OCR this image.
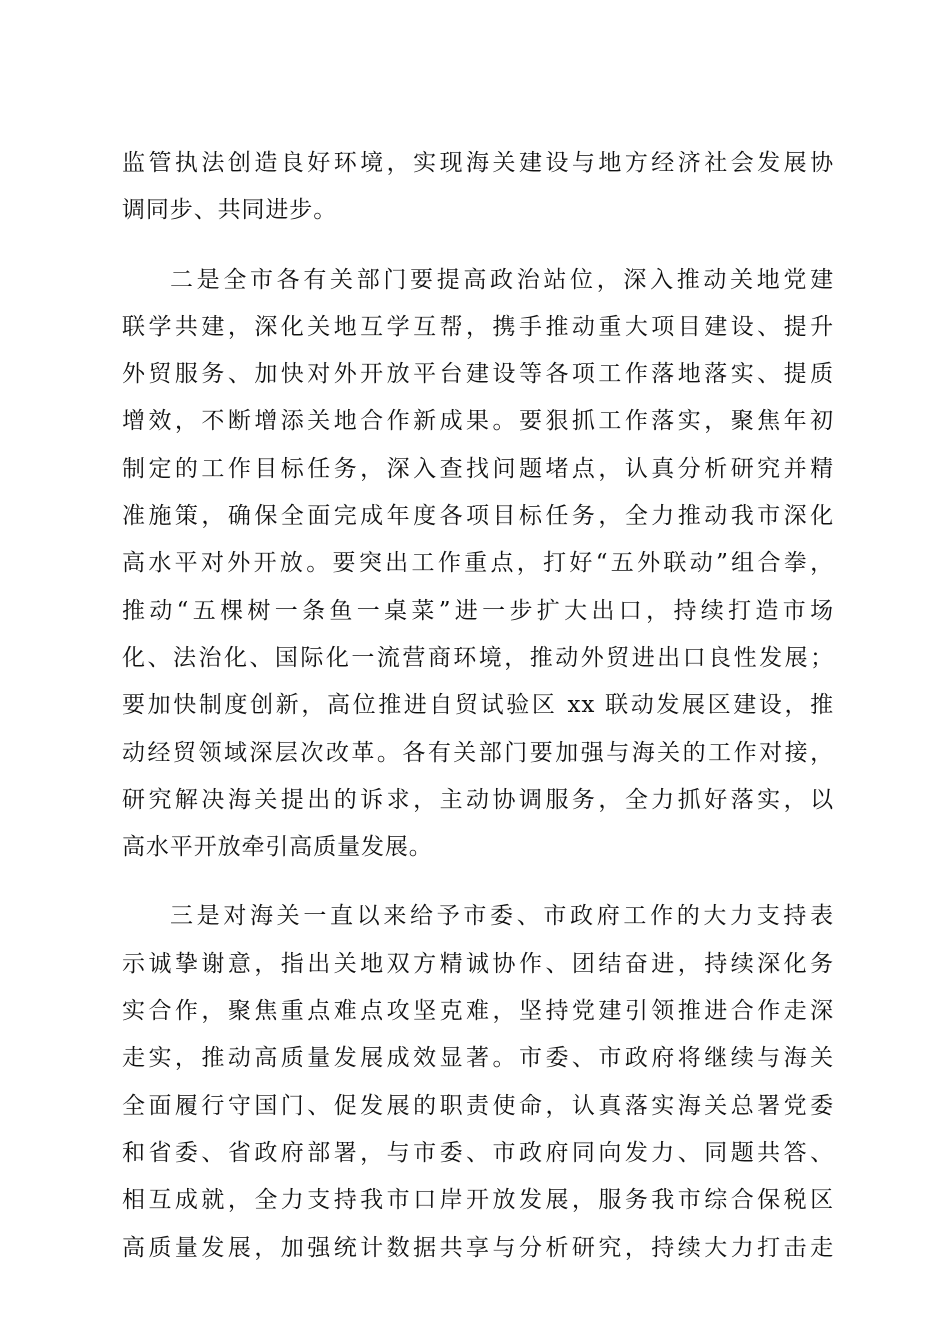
监管执法创造良好环境，实现海关建设与地方经济社会发展协
调同步、共同进步。

二是全市各有关部门要提高政治站位，深入推动关地党建
联学共建，深化关地互学互帮，携手推动重大项目建设、提升
外贸服务、加快对外开放平台建设等各项工作落地落实、提质
增效，不断增添关地合作新成果。要狠抓工作落实，聚焦年初
制定的工作目标任务，深入查找问题堵点，认真分析研究并精
准施策，确保全面完成年度各项目标任务，全力推动我市深化
高水平对外开放。要突出工作重点，打好“五外联动”组合拳，
推动“五棵树一条鱼一桌菜”进一步扩大出口，持续打造市场
化、法治化、国际化一流营商环境，推动外贸进出口良性发展；
要加快制度创新，高位推进自贸试验区 xx 联动发展区建设，推
动经贸领域深层次改革。各有关部门要加强与海关的工作对接，
研究解决海关提出的诉求，主动协调服务，全力抓好落实，以
高水平开放牵引高质量发展。

三是对海关一直以来给予市委、市政府工作的大力支持表
示诚挚谢意，指出关地双方精诚协作、团结奋进，持续深化务
实合作，聚焦重点难点攻坚克难，坚持党建引领推进合作走深
走实，推动高质量发展成效显著。市委、市政府将继续与海关
全面履行守国门、促发展的职责使命，认真落实海关总署党委
和省委、省政府部署，与市委、市政府同向发力、同题共答、
相互成就，全力支持我市口岸开放发展，服务我市综合保税区
高质量发展，加强统计数据共享与分析研究，持续大力打击走
